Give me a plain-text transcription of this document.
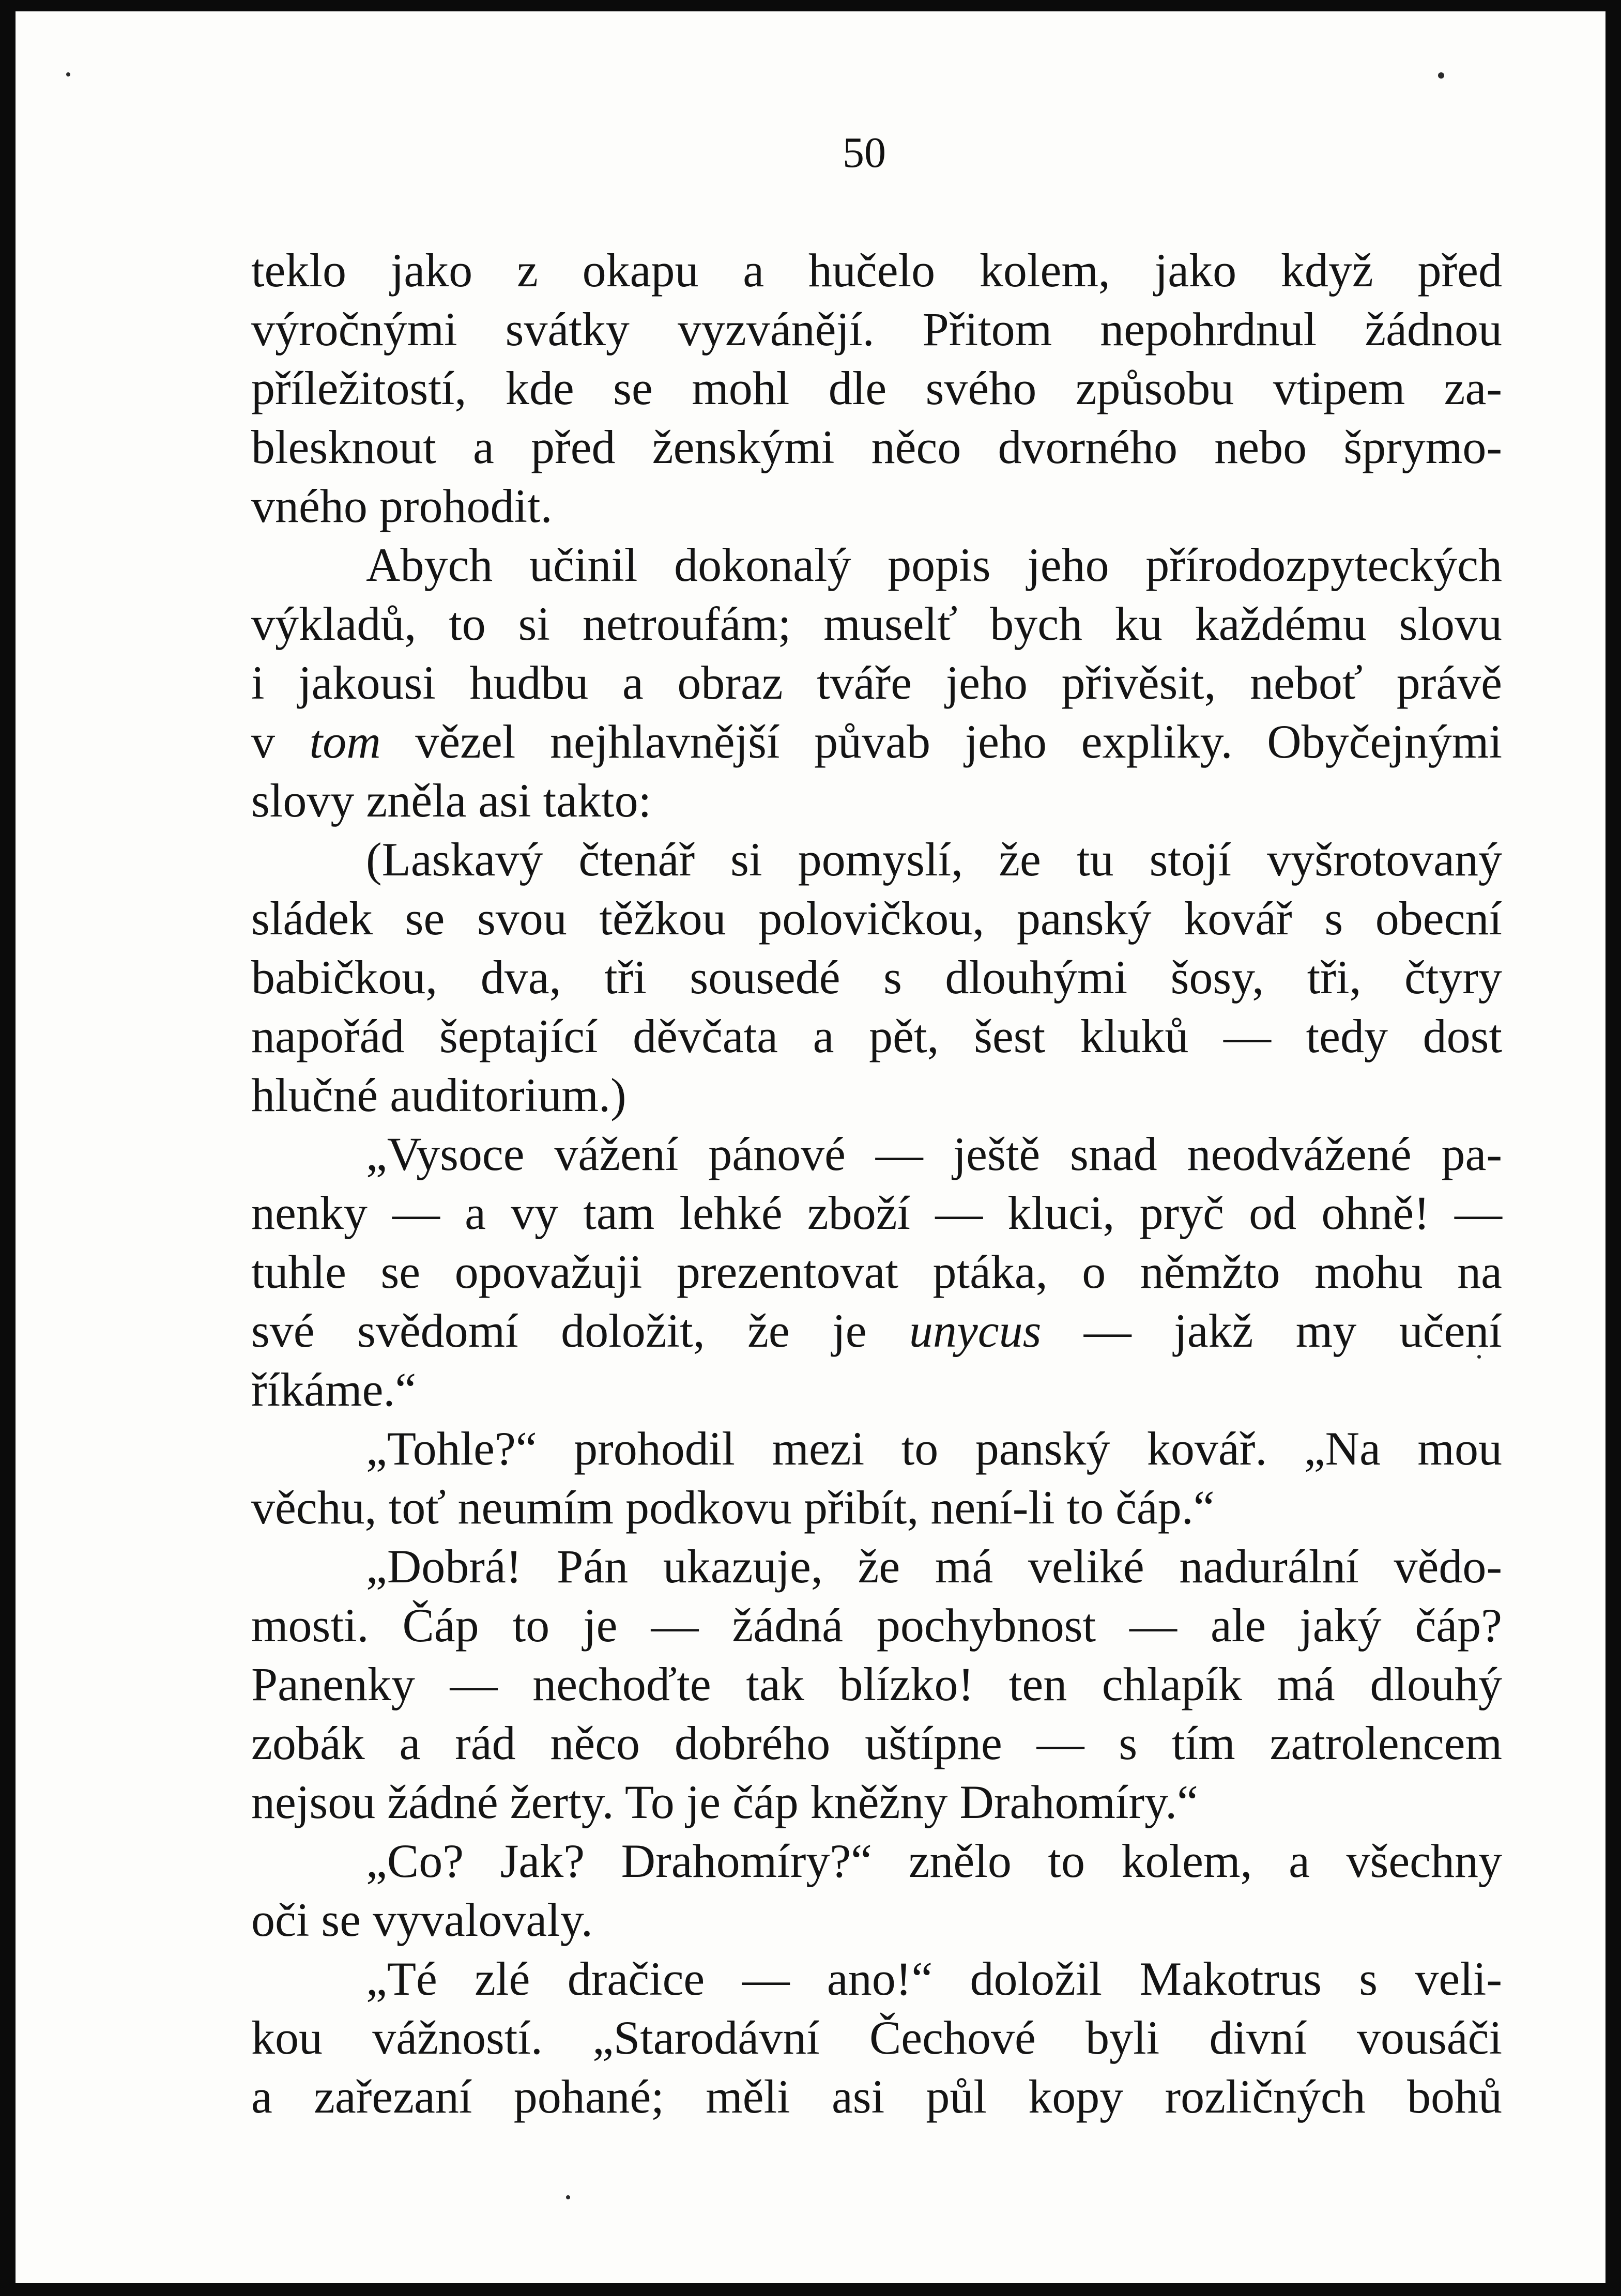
50

teklo jako z okapu a hučelo kolem, jako když před
výročnými svátky vyzvánějí. Přitom nepohrdnul žádnou
příležitostí, kde se mohl dle svého způsobu vtipem za-
blesknout a před ženskými něco dvorného nebo šprymo-
vného prohodit.
Abych učinil dokonalý popis jeho přírodozpyteckých
výkladů, to si netroufám; muselť bych ku každému slovu
i jakousi hudbu a obraz tváře jeho přivěsit, neboť právě
v tom vězel nejhlavnější půvab jeho expliky. Obyčejnými
slovy zněla asi takto:
(Laskavý čtenář si pomyslí, že tu stojí vyšrotovaný
sládek se svou těžkou polovičkou, panský kovář s obecní
babičkou, dva, tři sousedé s dlouhými šosy, tři, čtyry
napořád šeptající děvčata a pět, šest kluků — tedy dost
hlučné auditorium.)
„Vysoce vážení pánové — ještě snad neodvážené pa-
nenky — a vy tam lehké zboží — kluci, pryč od ohně! —
tuhle se opovažuji prezentovat ptáka, o němžto mohu na
své svědomí doložit, že je unycus — jakž my učení
říkáme.“
„Tohle?“ prohodil mezi to panský kovář. „Na mou
věchu, toť neumím podkovu přibít, není-li to čáp.“
„Dobrá! Pán ukazuje, že má veliké nadurální vědo-
mosti. Čáp to je — žádná pochybnost — ale jaký čáp?
Panenky — nechoďte tak blízko! ten chlapík má dlouhý
zobák a rád něco dobrého uštípne — s tím zatrolencem
nejsou žádné žerty. To je čáp kněžny Drahomíry.“
„Co? Jak? Drahomíry?“ znělo to kolem, a všechny
oči se vyvalovaly.
„Té zlé dračice — ano!“ doložil Makotrus s veli-
kou vážností. „Starodávní Čechové byli divní vousáči
a zařezaní pohané; měli asi půl kopy rozličných bohů
